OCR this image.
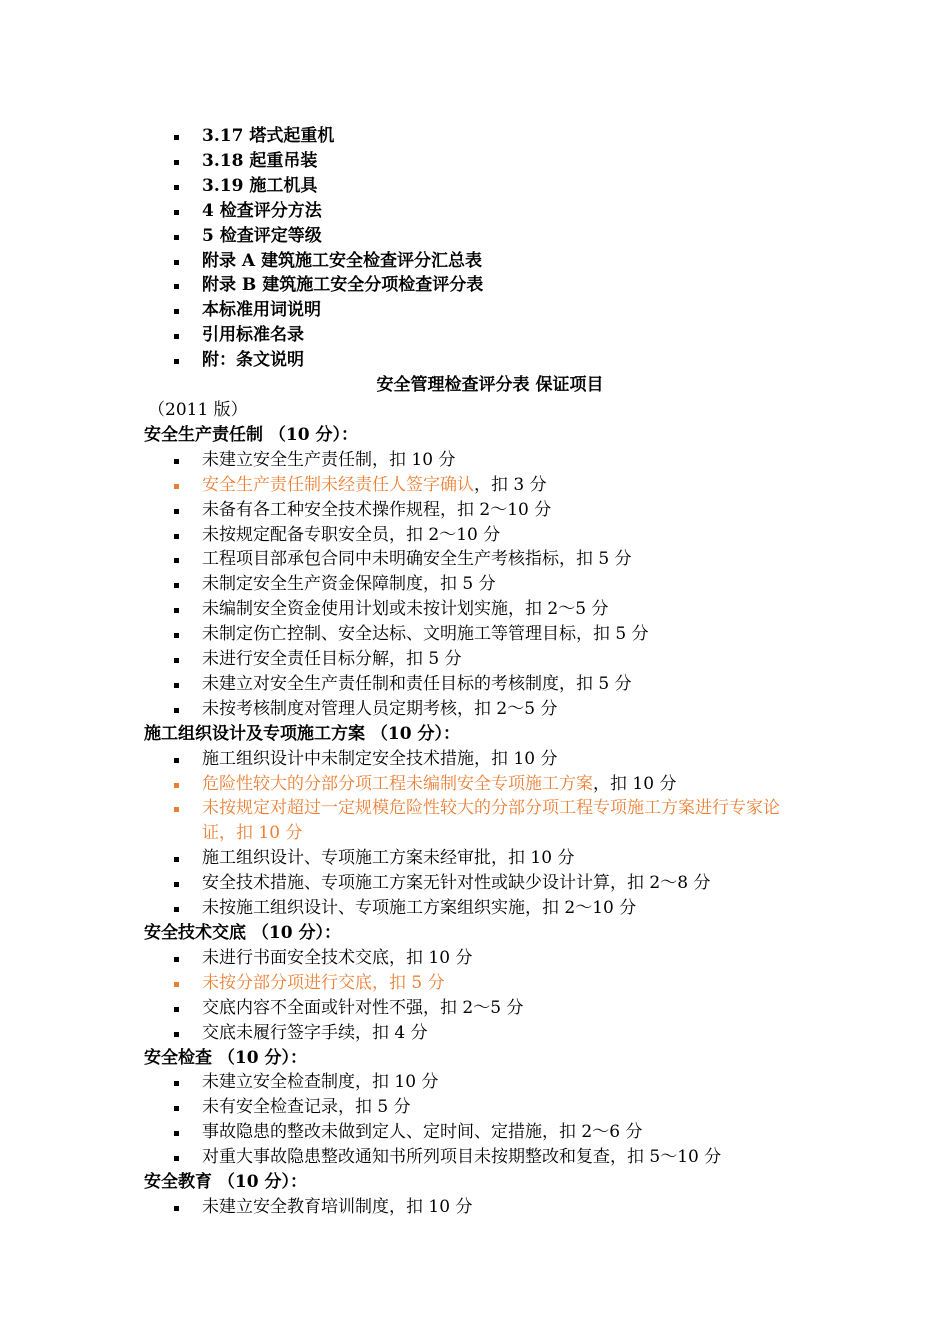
3.17 塔式起重机
3.18 起重吊装
3.19 施工机具
4 检查评分方法
5 检查评定等级
附录 A 建筑施工安全检查评分汇总表
附录 B 建筑施工安全分项检查评分表
本标准用词说明
引用标准名录
附：条文说明
安全管理检查评分表 保证项目
（2011 版）
安全生产责任制 （10 分）：
未建立安全生产责任制，扣 10 分
安全生产责任制未经责任人签字确认，扣 3 分
未备有各工种安全技术操作规程，扣 2～10 分
未按规定配备专职安全员，扣 2～10 分
工程项目部承包合同中未明确安全生产考核指标，扣 5 分
未制定安全生产资金保障制度，扣 5 分
未编制安全资金使用计划或未按计划实施，扣 2～5 分
未制定伤亡控制、安全达标、文明施工等管理目标，扣 5 分
未进行安全责任目标分解，扣 5 分
未建立对安全生产责任制和责任目标的考核制度，扣 5 分
未按考核制度对管理人员定期考核，扣 2～5 分
施工组织设计及专项施工方案 （10 分）：
施工组织设计中未制定安全技术措施，扣 10 分
危险性较大的分部分项工程未编制安全专项施工方案，扣 10 分
未按规定对超过一定规模危险性较大的分部分项工程专项施工方案进行专家论证，扣 10 分
施工组织设计、专项施工方案未经审批，扣 10 分
安全技术措施、专项施工方案无针对性或缺少设计计算，扣 2～8 分
未按施工组织设计、专项施工方案组织实施，扣 2～10 分
安全技术交底 （10 分）：
未进行书面安全技术交底，扣 10 分
未按分部分项进行交底，扣 5 分
交底内容不全面或针对性不强，扣 2～5 分
交底未履行签字手续，扣 4 分
安全检查 （10 分）：
未建立安全检查制度，扣 10 分
未有安全检查记录，扣 5 分
事故隐患的整改未做到定人、定时间、定措施，扣 2～6 分
对重大事故隐患整改通知书所列项目未按期整改和复查，扣 5～10 分
安全教育 （10 分）：
未建立安全教育培训制度，扣 10 分
